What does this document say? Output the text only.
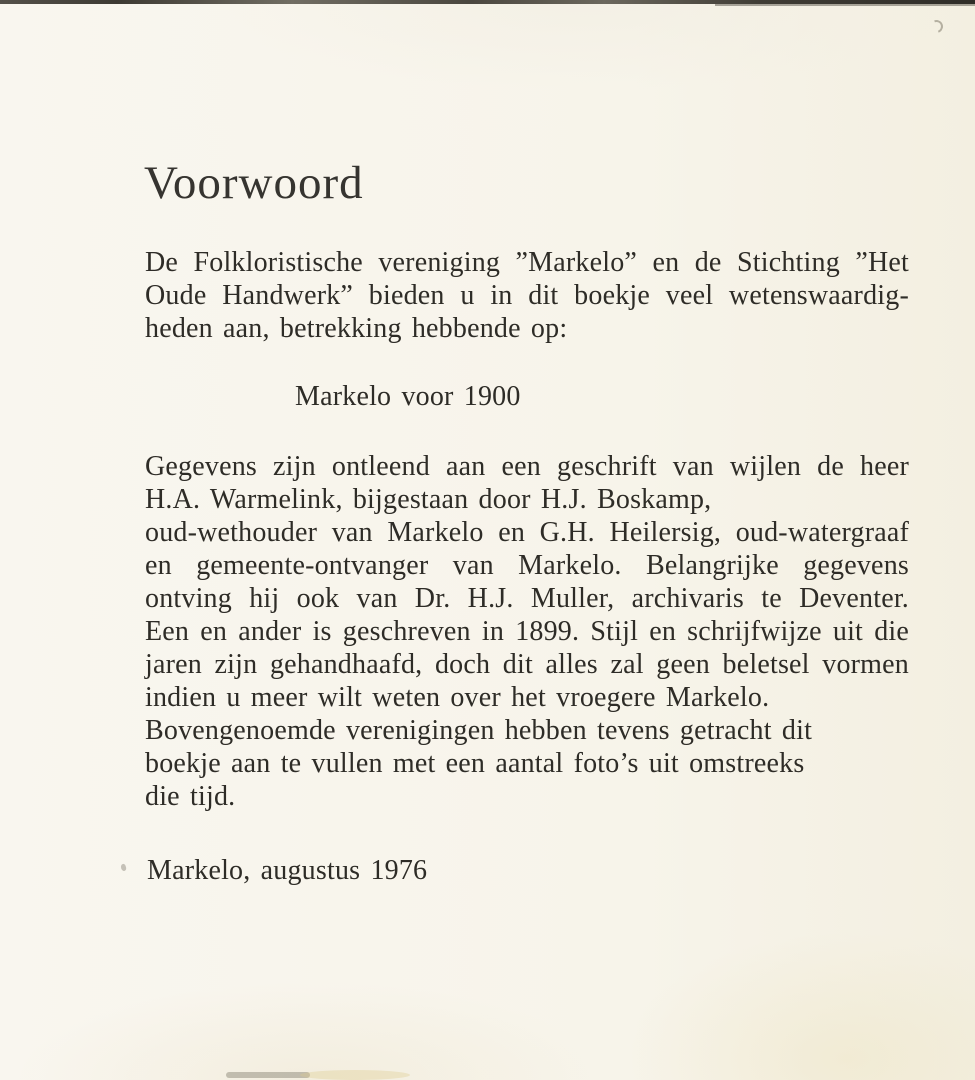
Voorwoord
De Folkloristische vereniging ”Markelo” en de Stichting ”Het
Oude Handwerk” bieden u in dit boekje veel wetenswaardig-
heden aan, betrekking hebbende op:
Markelo voor 1900
Gegevens zijn ontleend aan een geschrift van wijlen de heer
H.A. Warmelink, bijgestaan door H.J. Boskamp,
oud-wethouder van Markelo en G.H. Heilersig, oud-watergraaf
en gemeente-ontvanger van Markelo. Belangrijke gegevens
ontving hij ook van Dr. H.J. Muller, archivaris te Deventer.
Een en ander is geschreven in 1899. Stijl en schrijfwijze uit die
jaren zijn gehandhaafd, doch dit alles zal geen beletsel vormen
indien u meer wilt weten over het vroegere Markelo.
Bovengenoemde verenigingen hebben tevens getracht dit
boekje aan te vullen met een aantal foto’s uit omstreeks
die tijd.
Markelo, augustus 1976
